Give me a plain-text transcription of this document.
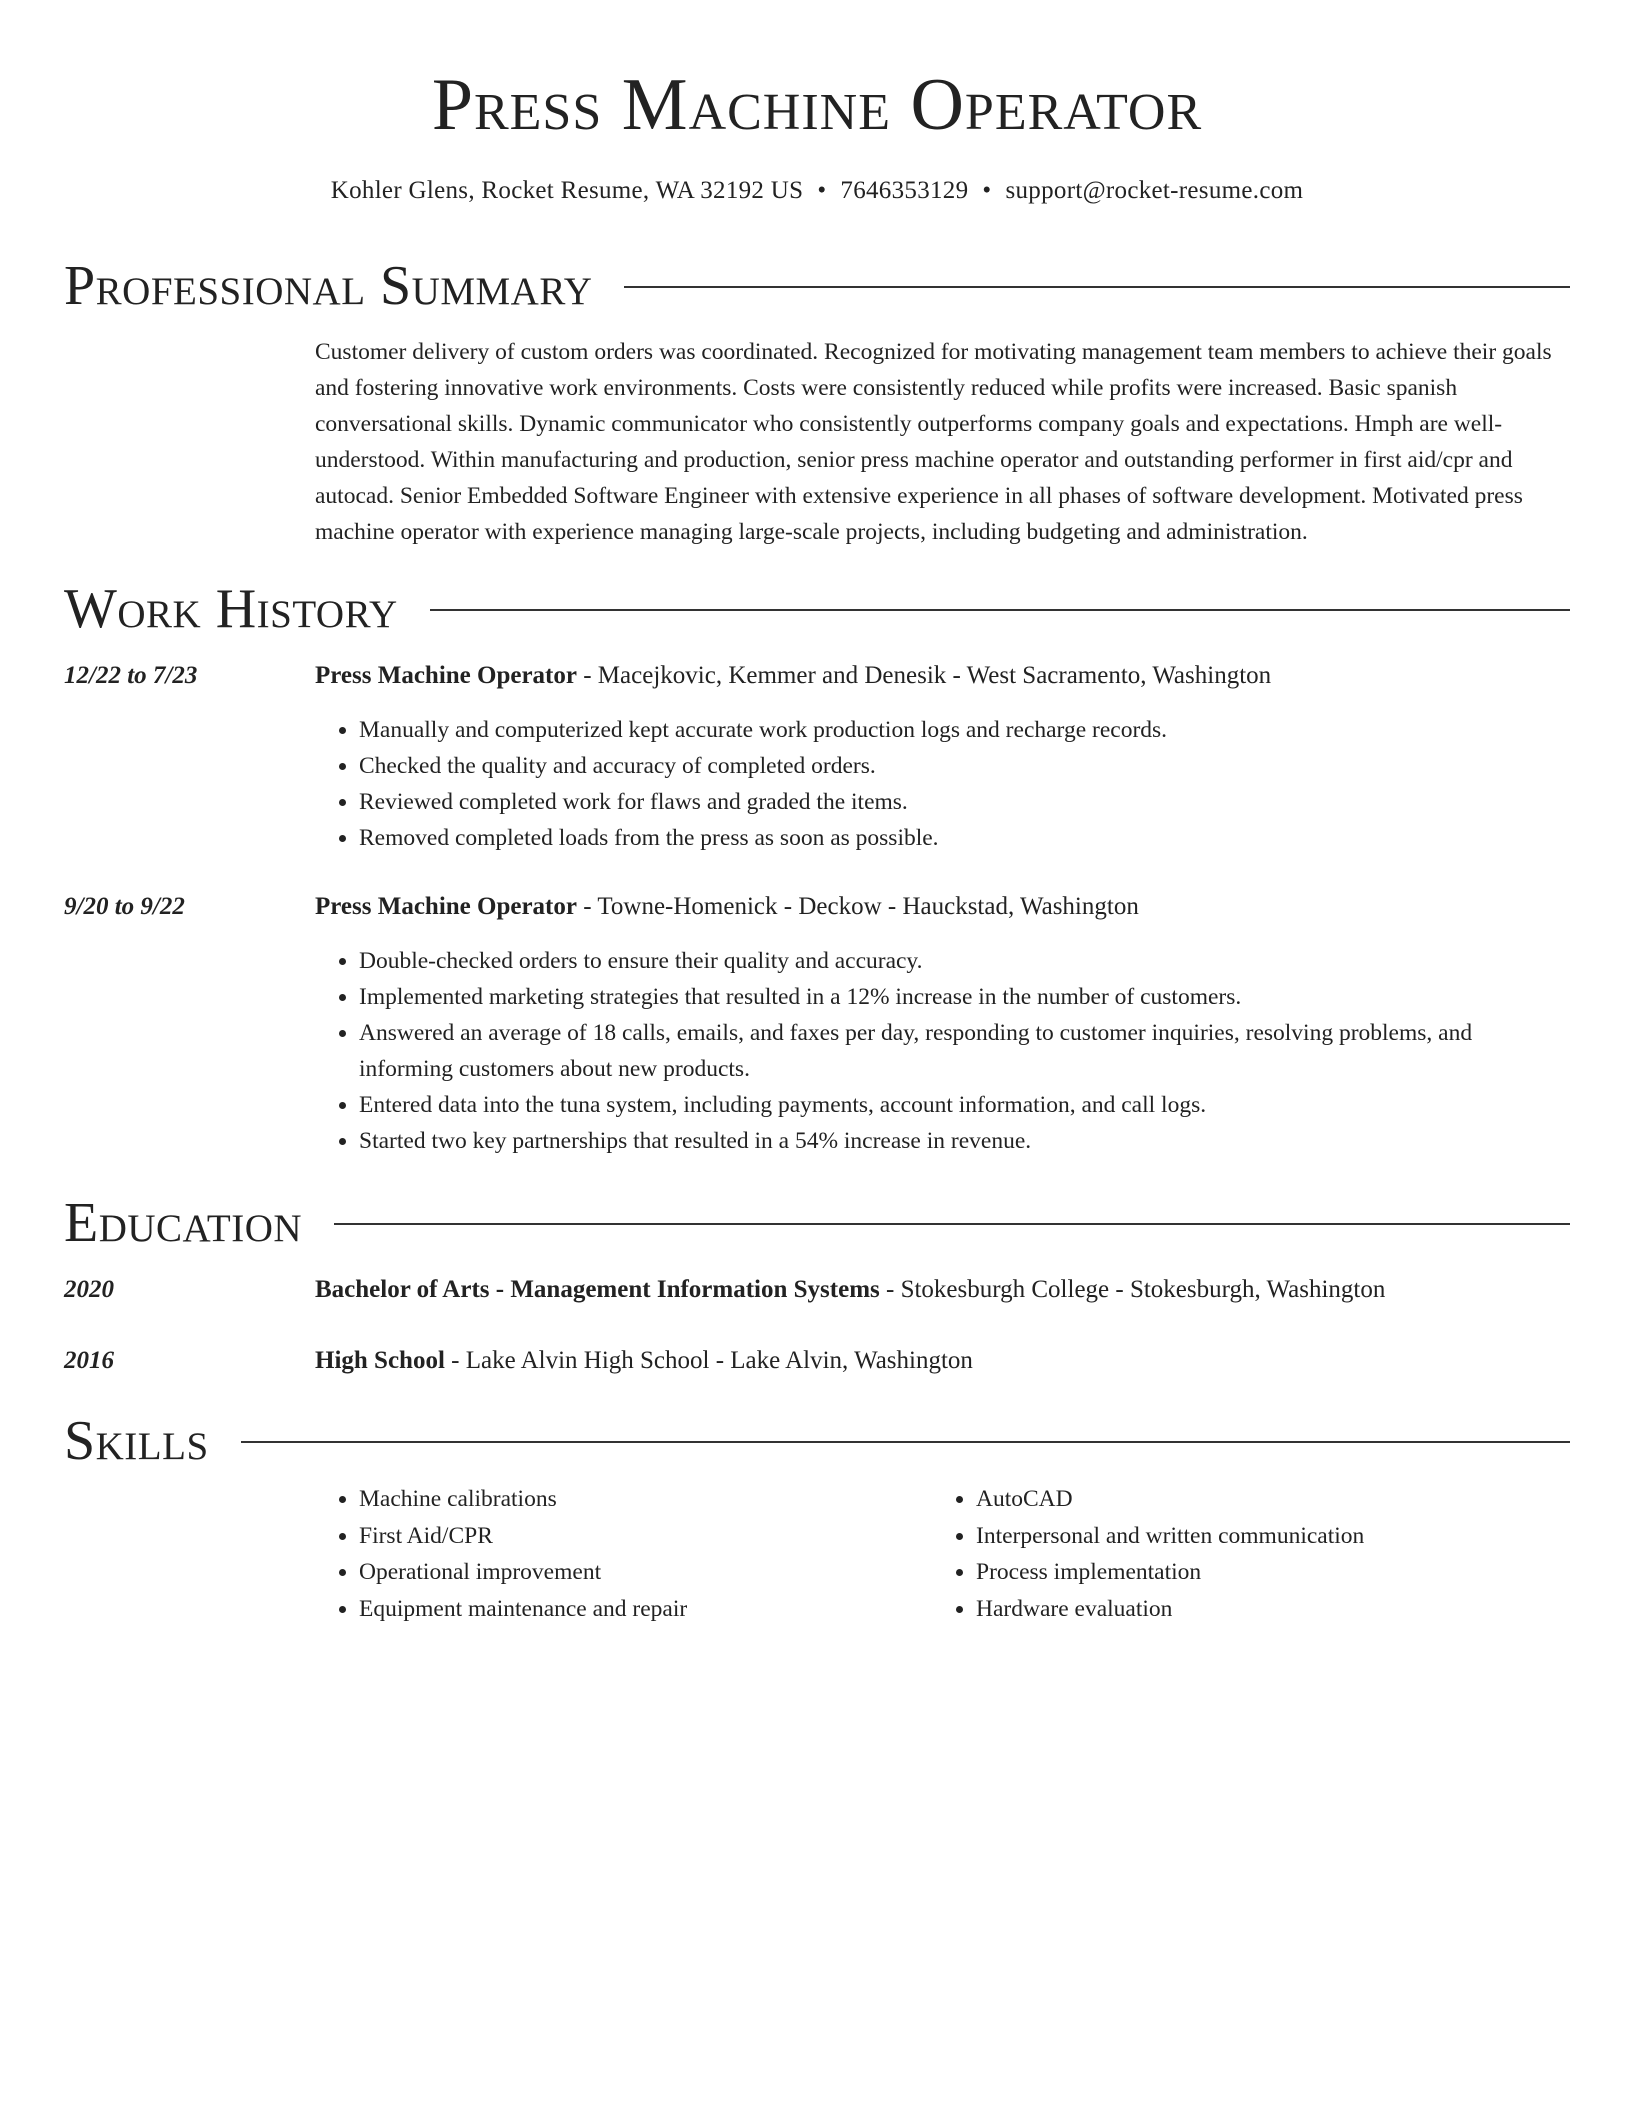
Press Machine Operator
Kohler Glens, Rocket Resume, WA 32192 US • 7646353129 • support@rocket-resume.com
Professional Summary
Customer delivery of custom orders was coordinated. Recognized for motivating management team members to achieve their goals and fostering innovative work environments. Costs were consistently reduced while profits were increased. Basic spanish conversational skills. Dynamic communicator who consistently outperforms company goals and expectations. Hmph are well-understood. Within manufacturing and production, senior press machine operator and outstanding performer in first aid/cpr and autocad. Senior Embedded Software Engineer with extensive experience in all phases of software development. Motivated press machine operator with experience managing large-scale projects, including budgeting and administration.
Work History
12/22 to 7/23	Press Machine Operator - Macejkovic, Kemmer and Denesik - West Sacramento, Washington
• Manually and computerized kept accurate work production logs and recharge records.
• Checked the quality and accuracy of completed orders.
• Reviewed completed work for flaws and graded the items.
• Removed completed loads from the press as soon as possible.
9/20 to 9/22	Press Machine Operator - Towne-Homenick - Deckow - Hauckstad, Washington
• Double-checked orders to ensure their quality and accuracy.
• Implemented marketing strategies that resulted in a 12% increase in the number of customers.
• Answered an average of 18 calls, emails, and faxes per day, responding to customer inquiries, resolving problems, and informing customers about new products.
• Entered data into the tuna system, including payments, account information, and call logs.
• Started two key partnerships that resulted in a 54% increase in revenue.
Education
2020	Bachelor of Arts - Management Information Systems - Stokesburgh College - Stokesburgh, Washington
2016	High School - Lake Alvin High School - Lake Alvin, Washington
Skills
• Machine calibrations
• First Aid/CPR
• Operational improvement
• Equipment maintenance and repair
• AutoCAD
• Interpersonal and written communication
• Process implementation
• Hardware evaluation
